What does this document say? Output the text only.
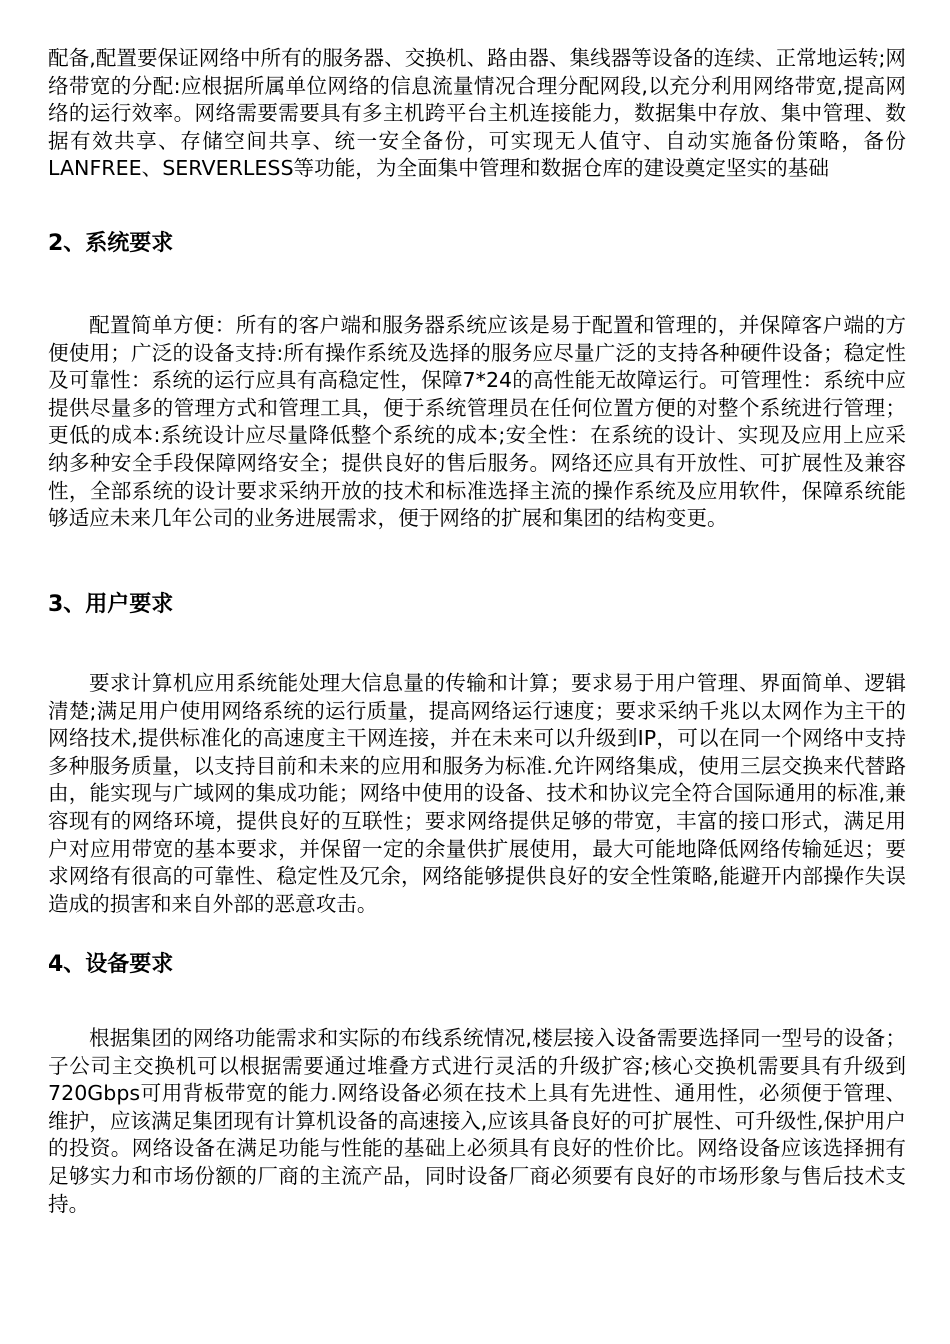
配备,配置要保证网络中所有的服务器、交换机、路由器、集线器等设备的连续、正常地运转;网络带宽的分配:应根据所属单位网络的信息流量情况合理分配网段,以充分利用网络带宽,提高网络的运行效率。网络需要需要具有多主机跨平台主机连接能力，数据集中存放、集中管理、数据有效共享、存储空间共享、统一安全备份，可实现无人值守、自动实施备份策略，备份LANFREE、SERVERLESS等功能，为全面集中管理和数据仓库的建设奠定坚实的基础

2、系统要求

配置简单方便：所有的客户端和服务器系统应该是易于配置和管理的，并保障客户端的方便使用；广泛的设备支持:所有操作系统及选择的服务应尽量广泛的支持各种硬件设备；稳定性及可靠性：系统的运行应具有高稳定性，保障7*24的高性能无故障运行。可管理性：系统中应提供尽量多的管理方式和管理工具，便于系统管理员在任何位置方便的对整个系统进行管理；更低的成本:系统设计应尽量降低整个系统的成本;安全性：在系统的设计、实现及应用上应采纳多种安全手段保障网络安全；提供良好的售后服务。网络还应具有开放性、可扩展性及兼容性，全部系统的设计要求采纳开放的技术和标准选择主流的操作系统及应用软件，保障系统能够适应未来几年公司的业务进展需求，便于网络的扩展和集团的结构变更。

3、用户要求

要求计算机应用系统能处理大信息量的传输和计算；要求易于用户管理、界面简单、逻辑清楚;满足用户使用网络系统的运行质量，提高网络运行速度；要求采纳千兆以太网作为主干的网络技术,提供标准化的高速度主干网连接，并在未来可以升级到IP，可以在同一个网络中支持多种服务质量，以支持目前和未来的应用和服务为标准.允许网络集成，使用三层交换来代替路由，能实现与广域网的集成功能；网络中使用的设备、技术和协议完全符合国际通用的标准,兼容现有的网络环境，提供良好的互联性；要求网络提供足够的带宽，丰富的接口形式，满足用户对应用带宽的基本要求，并保留一定的余量供扩展使用，最大可能地降低网络传输延迟；要求网络有很高的可靠性、稳定性及冗余，网络能够提供良好的安全性策略,能避开内部操作失误造成的损害和来自外部的恶意攻击。

4、设备要求

根据集团的网络功能需求和实际的布线系统情况,楼层接入设备需要选择同一型号的设备；子公司主交换机可以根据需要通过堆叠方式进行灵活的升级扩容;核心交换机需要具有升级到720Gbps可用背板带宽的能力.网络设备必须在技术上具有先进性、通用性，必须便于管理、维护，应该满足集团现有计算机设备的高速接入,应该具备良好的可扩展性、可升级性,保护用户的投资。网络设备在满足功能与性能的基础上必须具有良好的性价比。网络设备应该选择拥有足够实力和市场份额的厂商的主流产品，同时设备厂商必须要有良好的市场形象与售后技术支持。
